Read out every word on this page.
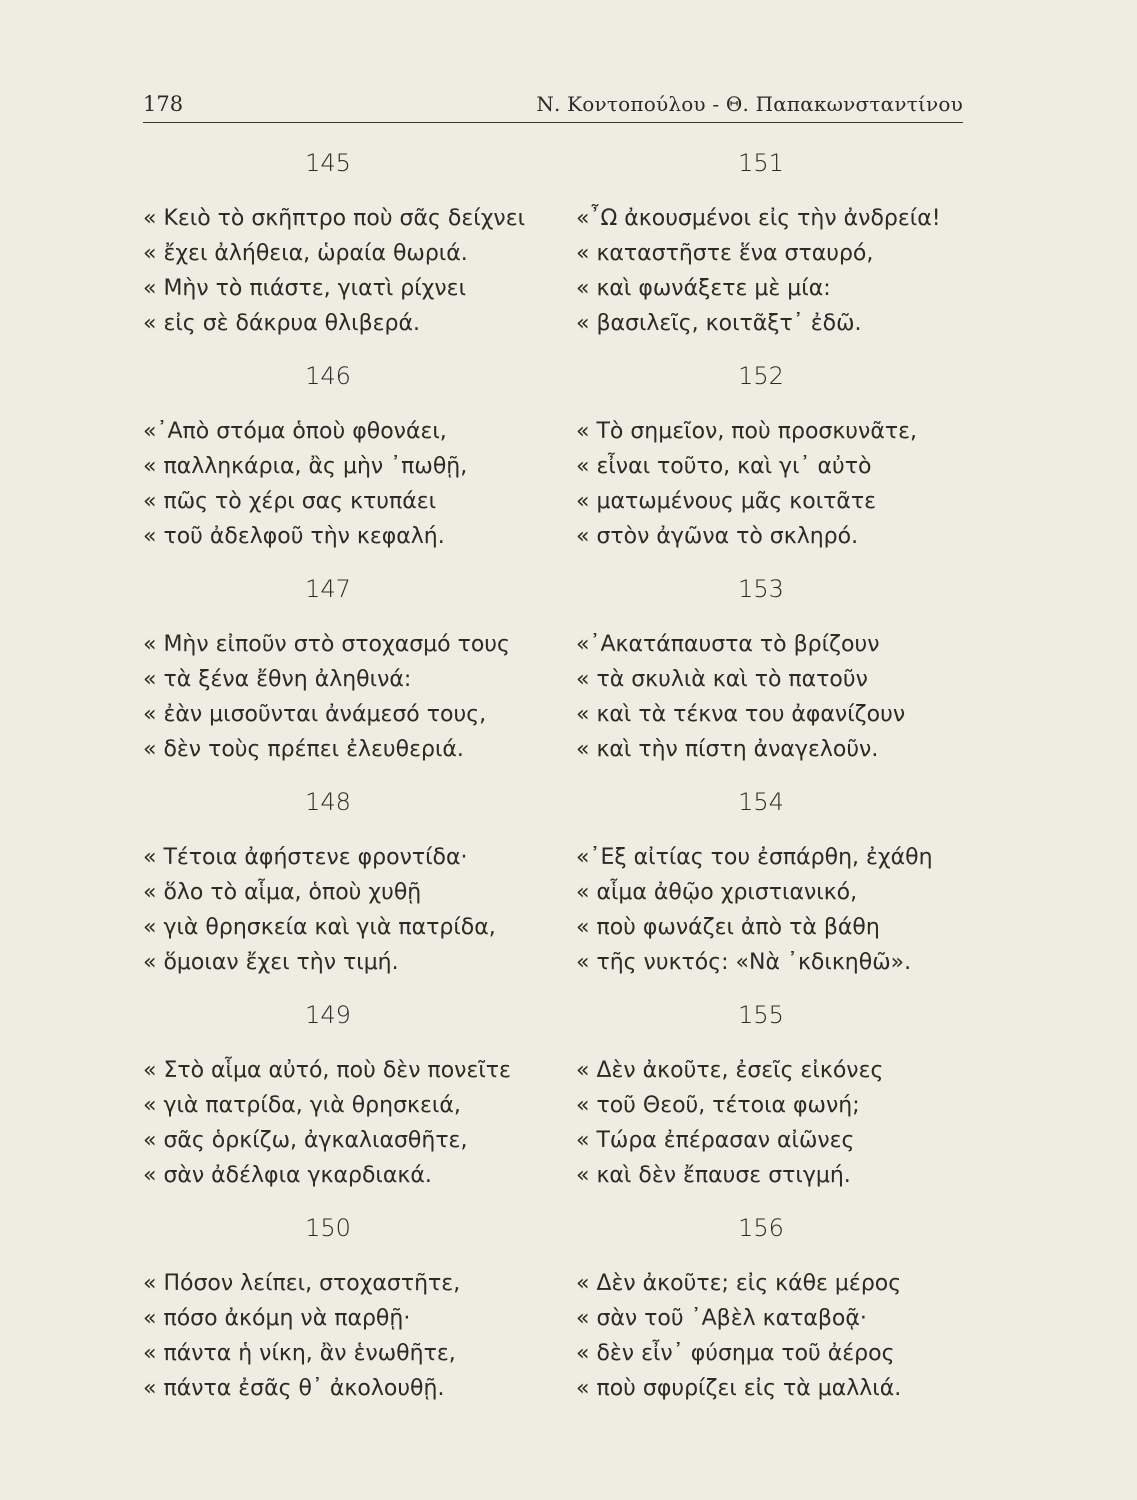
178	Ν. Κοντοπούλου - Θ. Παπακωνσταντίνου
145
« Κειὸ τὸ σκῆπτρο ποὺ σᾶς δείχνει
« ἔχει ἀλήθεια, ὡραία θωριά.
« Μὴν τὸ πιάστε, γιατὶ ρίχνει
« εἰς σὲ δάκρυα θλιβερά.
146
«᾿Απὸ στόμα ὁποὺ φθονάει,
« παλληκάρια, ἂς μὴν ᾿πωθῇ,
« πῶς τὸ χέρι σας κτυπάει
« τοῦ ἀδελφοῦ τὴν κεφαλή.
147
« Μὴν εἰποῦν στὸ στοχασμό τους
« τὰ ξένα ἔθνη ἀληθινά:
« ἐὰν μισοῦνται ἀνάμεσό τους,
« δὲν τοὺς πρέπει ἐλευθεριά.
148
« Τέτοια ἀφήστενε φροντίδα·
« ὅλο τὸ αἷμα, ὁποὺ χυθῇ
« γιὰ θρησκεία καὶ γιὰ πατρίδα,
« ὅμοιαν ἔχει τὴν τιμή.
149
« Στὸ αἷμα αὐτό, ποὺ δὲν πονεῖτε
« γιὰ πατρίδα, γιὰ θρησκειά,
« σᾶς ὁρκίζω, ἀγκαλιασθῆτε,
« σὰν ἀδέλφια γκαρδιακά.
150
« Πόσον λείπει, στοχαστῆτε,
« πόσο ἀκόμη νὰ παρθῇ·
« πάντα ἡ νίκη, ἂν ἑνωθῆτε,
« πάντα ἐσᾶς θ᾿ ἀκολουθῇ.
151
«῏Ω ἀκουσμένοι εἰς τὴν ἀνδρεία!
« καταστῆστε ἕνα σταυρό,
« καὶ φωνάξετε μὲ μία:
« βασιλεῖς, κοιτᾶξτ᾿ ἐδῶ.
152
« Τὸ σημεῖον, ποὺ προσκυνᾶτε,
« εἶναι τοῦτο, καὶ γι᾿ αὐτὸ
« ματωμένους μᾶς κοιτᾶτε
« στὸν ἀγῶνα τὸ σκληρό.
153
«᾿Ακατάπαυστα τὸ βρίζουν
« τὰ σκυλιὰ καὶ τὸ πατοῦν
« καὶ τὰ τέκνα του ἀφανίζουν
« καὶ τὴν πίστη ἀναγελοῦν.
154
«᾿Εξ αἰτίας του ἐσπάρθη, ἐχάθη
« αἷμα ἀθῷο χριστιανικό,
« ποὺ φωνάζει ἀπὸ τὰ βάθη
« τῆς νυκτός: «Νὰ ᾿κδικηθῶ».
155
« Δὲν ἀκοῦτε, ἐσεῖς εἰκόνες
« τοῦ Θεοῦ, τέτοια φωνή;
« Τώρα ἐπέρασαν αἰῶνες
« καὶ δὲν ἔπαυσε στιγμή.
156
« Δὲν ἀκοῦτε; εἰς κάθε μέρος
« σὰν τοῦ ᾿Αβὲλ καταβοᾷ·
« δὲν εἶν᾿ φύσημα τοῦ ἀέρος
« ποὺ σφυρίζει εἰς τὰ μαλλιά.
